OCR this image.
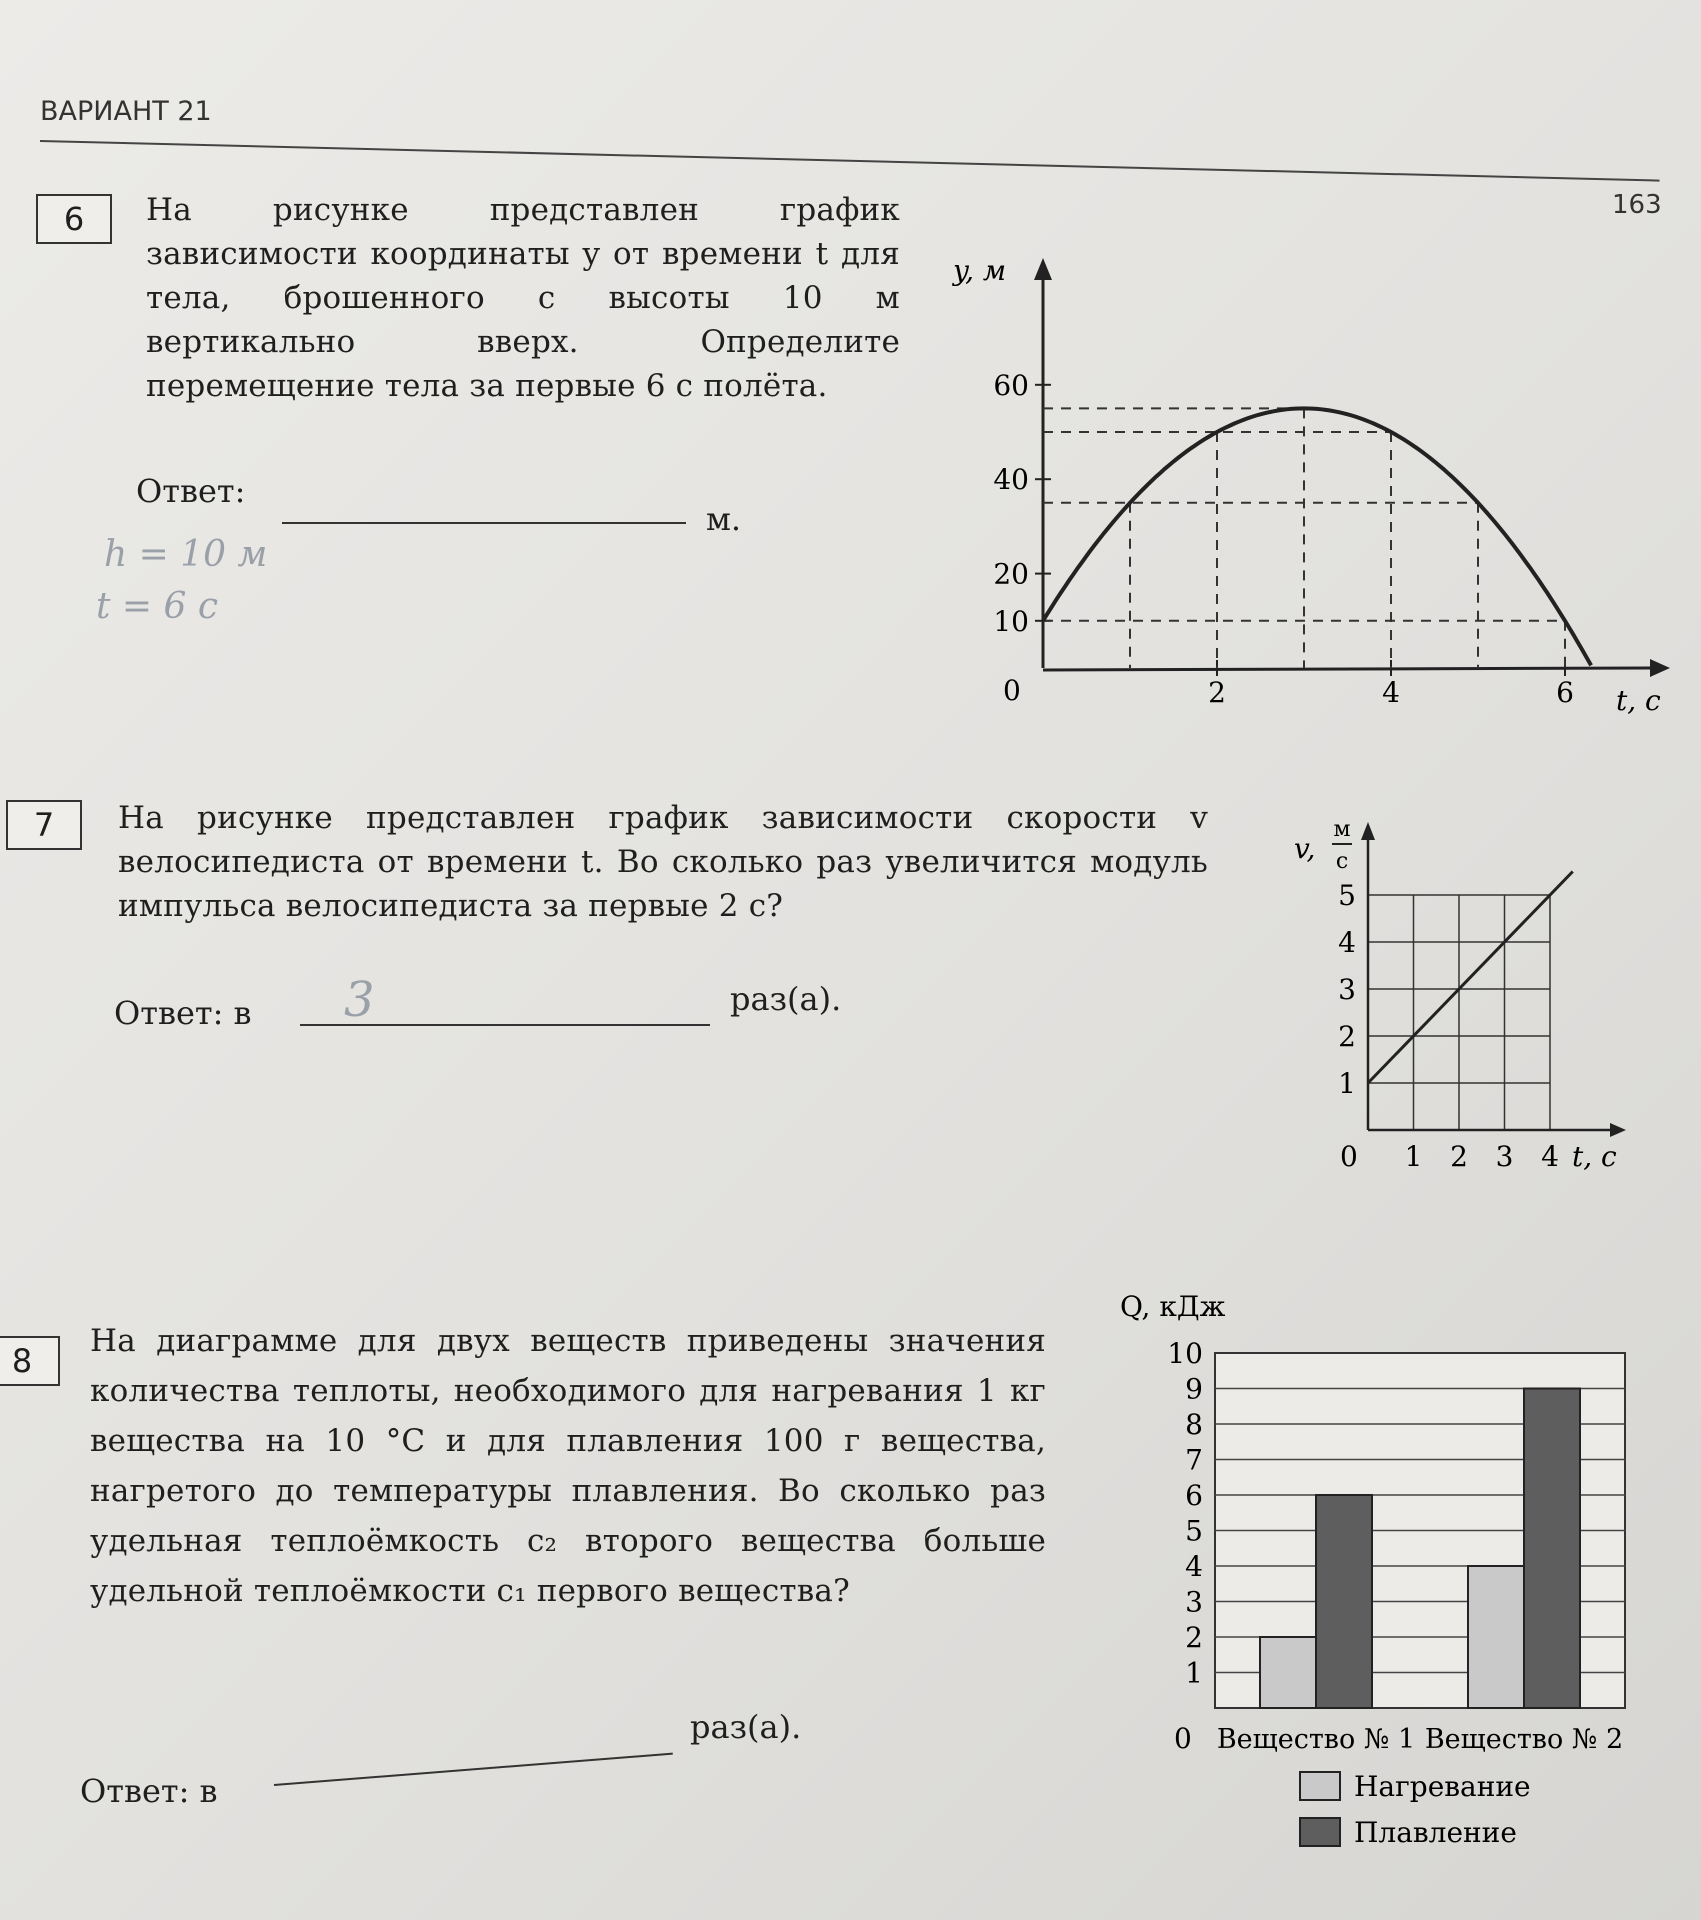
ВАРИАНТ 21
163
6	На рисунке представлен график зависимости координаты y от времени t для тела, брошенного с высоты 10 м вертикально вверх. Определите перемещение тела за первые 6 с полёта.
Ответ:
м.
h = 10 м
t = 6 с
y, м
t, с
0
10
20
40
60
2	4	6
7	На рисунке представлен график зависимости скорости v велосипедиста от времени t. Во сколько раз увеличится модуль импульса велосипедиста за первые 2 с?
Ответ: в 3	раз(а).
v,
м
с
t, с
0
1
2
3
4
5
1 2 3 4
8
На диаграмме для двух веществ приведены значения количества теплоты, необходимого для нагревания 1 кг вещества на 10 °С и для плавления 100 г вещества, нагретого до температуры плавления. Во сколько раз удельная теплоёмкость c₂ второго вещества больше удельной теплоёмкости c₁ первого вещества?
раз(а).
Ответ: в
Q, кДж
0
1
2
3
4
5
6
7
8
9
10
Вещество № 1 Вещество № 2
Нагревание
Плавление
